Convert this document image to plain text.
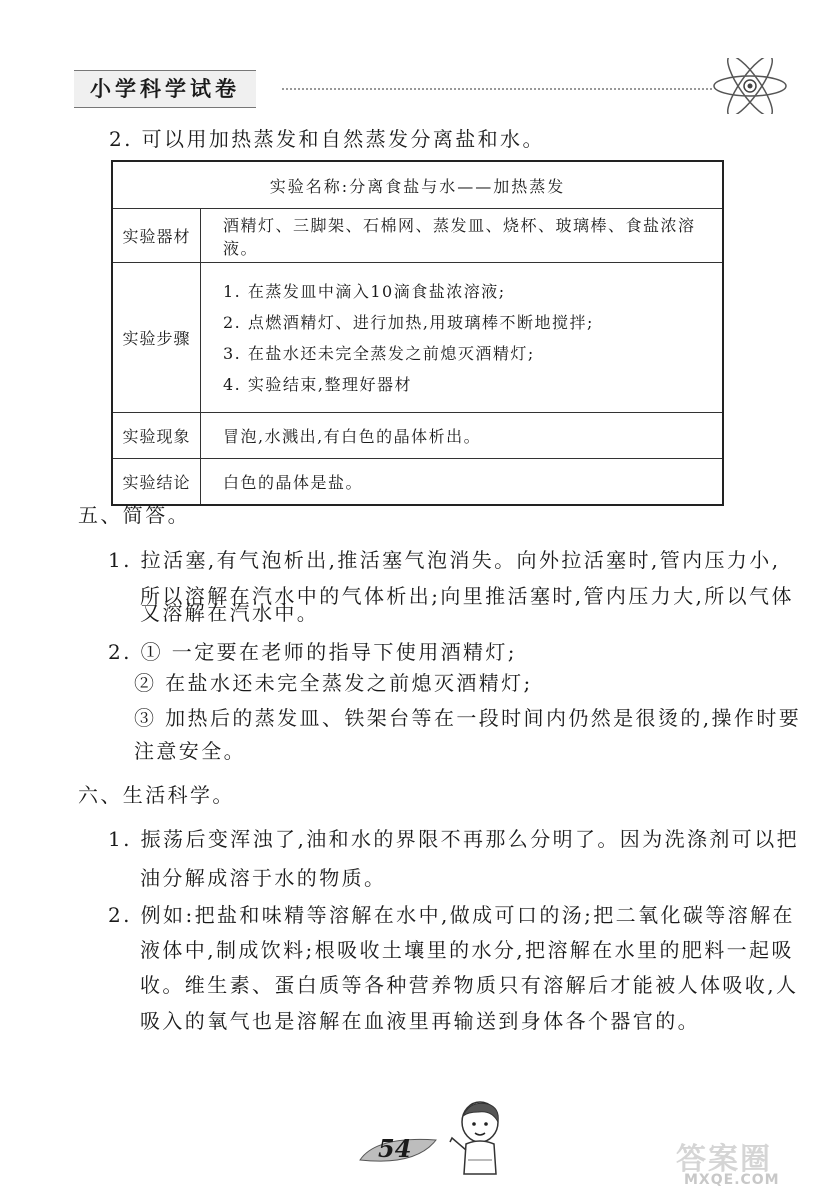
小学科学试卷
2. 可以用加热蒸发和自然蒸发分离盐和水。
实验名称:分离食盐与水——加热蒸发	
实验器材	酒精灯、三脚架、石棉网、蒸发皿、烧杯、玻璃棒、食盐浓溶液。
实验步骤	1. 在蒸发皿中滴入10滴食盐浓溶液;
2. 点燃酒精灯、进行加热,用玻璃棒不断地搅拌;
3. 在盐水还未完全蒸发之前熄灭酒精灯;
4. 实验结束,整理好器材

实验现象	冒泡,水溅出,有白色的晶体析出。
实验结论	白色的晶体是盐。
五、简答。
1. 拉活塞,有气泡析出,推活塞气泡消失。向外拉活塞时,管内压力小,
所以溶解在汽水中的气体析出;向里推活塞时,管内压力大,所以气体
又溶解在汽水中。
2. ① 一定要在老师的指导下使用酒精灯;
② 在盐水还未完全蒸发之前熄灭酒精灯;
③ 加热后的蒸发皿、铁架台等在一段时间内仍然是很烫的,操作时要
注意安全。
六、生活科学。
1. 振荡后变浑浊了,油和水的界限不再那么分明了。因为洗涤剂可以把
油分解成溶于水的物质。
2. 例如:把盐和味精等溶解在水中,做成可口的汤;把二氧化碳等溶解在
液体中,制成饮料;根吸收土壤里的水分,把溶解在水里的肥料一起吸
收。维生素、蛋白质等各种营养物质只有溶解后才能被人体吸收,人
吸入的氧气也是溶解在血液里再输送到身体各个器官的。
54	答案圈
MXQE.COM
